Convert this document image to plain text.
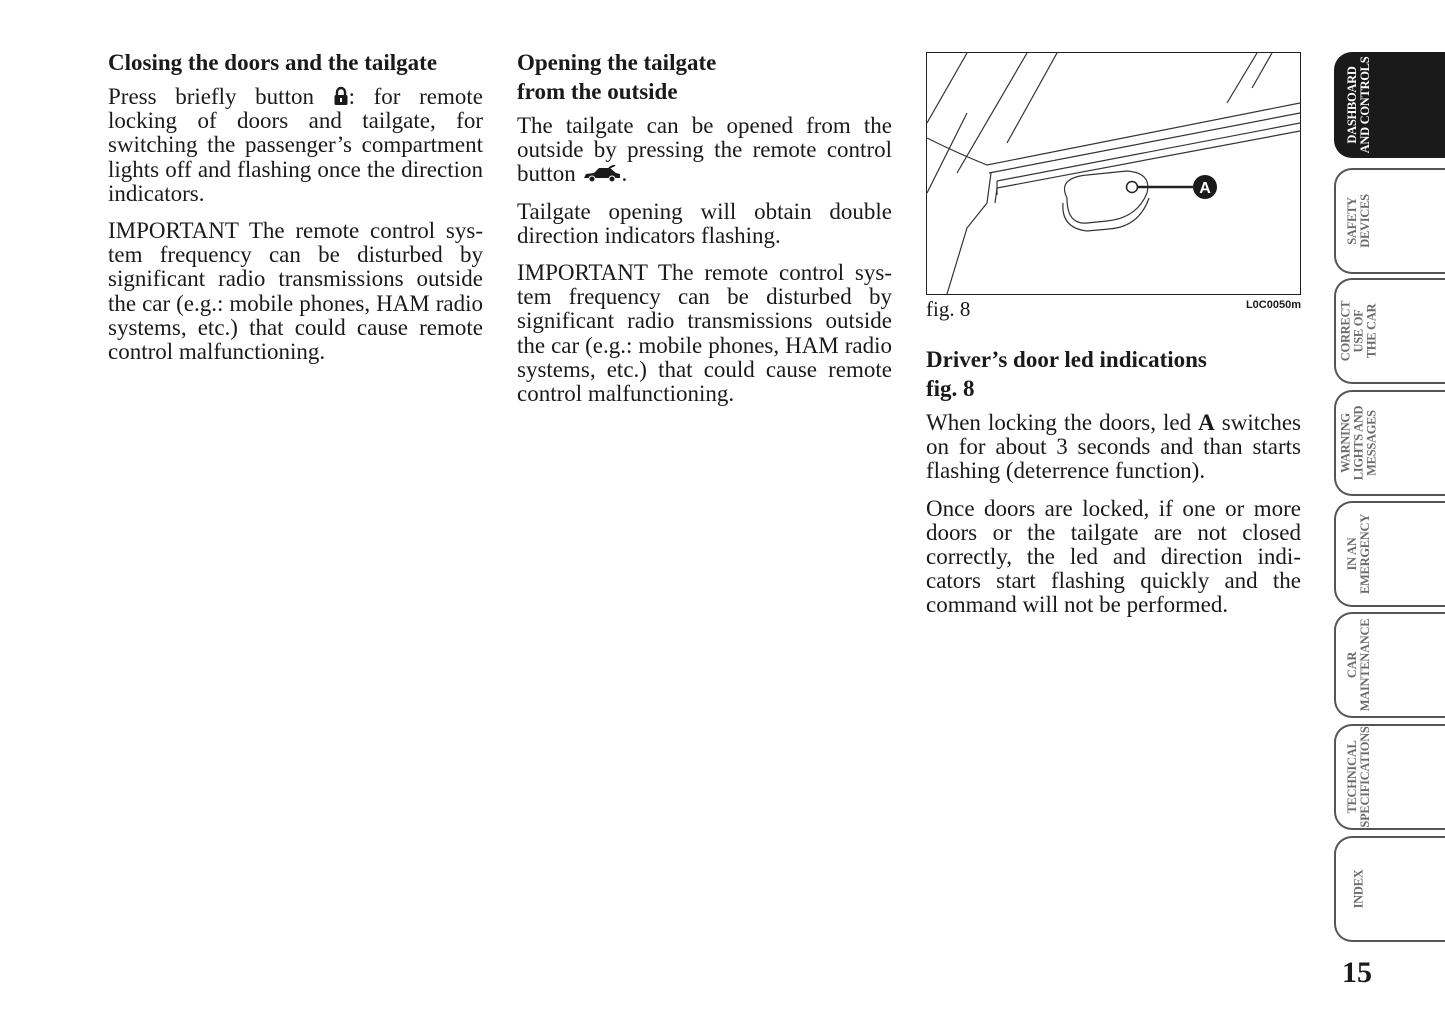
Closing the doors and the tailgate

Press briefly button : for remote locking of doors and tailgate, for switching the passenger’s compartment lights off and flashing once the direction indicators.

IMPORTANT The remote control system frequency can be disturbed by significant radio transmissions outside the car (e.g.: mobile phones, HAM radio systems, etc.) that could cause remote control malfunctioning.

Opening the tailgate
from the outside

The tailgate can be opened from the outside by pressing the remote control button .

Tailgate opening will obtain double direction indicators flashing.

IMPORTANT The remote control system frequency can be disturbed by significant radio transmissions outside the car (e.g.: mobile phones, HAM radio systems, etc.) that could cause remote control malfunctioning.

A
fig. 8	L0C0050m
Driver’s door led indications
fig. 8

When locking the doors, led A switches on for about 3 seconds and than starts flashing (deterrence function).

Once doors are locked, if one or more doors or the tailgate are not closed correctly, the led and direction indicators start flashing quickly and the command will not be performed.

DASHBOARD
AND CONTROLS
SAFETY
DEVICES
CORRECT
USE OF
THE CAR
WARNING
LIGHTS AND
MESSAGES
IN AN
EMERGENCY
CAR
MAINTENANCE
TECHNICAL
SPECIFICATIONS
INDEX
15
